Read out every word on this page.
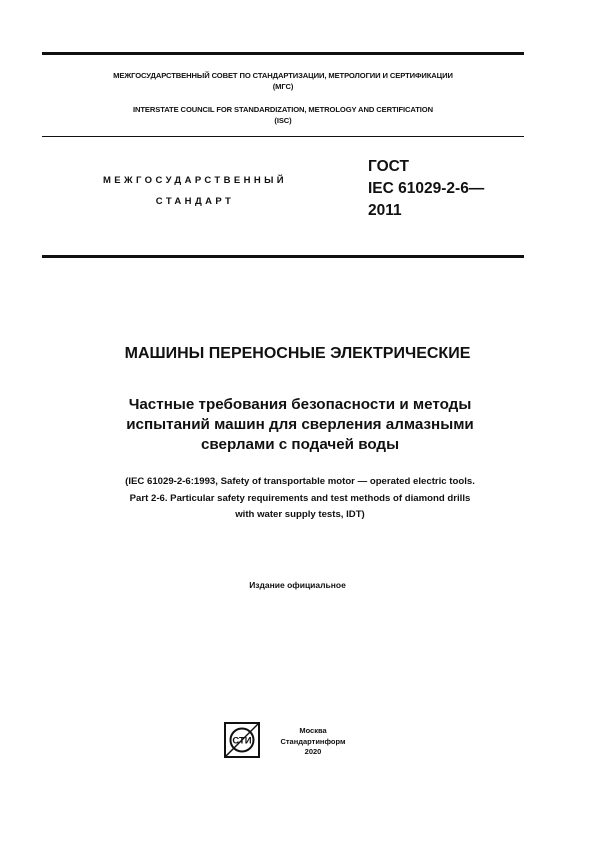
МЕЖГОСУДАРСТВЕННЫЙ СОВЕТ ПО СТАНДАРТИЗАЦИИ, МЕТРОЛОГИИ И СЕРТИФИКАЦИИ
(МГС)
INTERSTATE COUNCIL FOR STANDARDIZATION, METROLOGY AND CERTIFICATION
(ISC)
МЕЖГОСУДАРСТВЕННЫЙ
СТАНДАРТ
ГОСТ
IEC 61029-2-6—
2011
МАШИНЫ ПЕРЕНОСНЫЕ ЭЛЕКТРИЧЕСКИЕ
Частные требования безопасности и методы
испытаний машин для сверления алмазными
сверлами с подачей воды
(IEC 61029-2-6:1993, Safety of transportable motor — operated electric tools.
Part 2-6. Particular safety requirements and test methods of diamond drills
with water supply tests, IDT)
Издание официальное
СТИ
Москва
Стандартинформ
2020
